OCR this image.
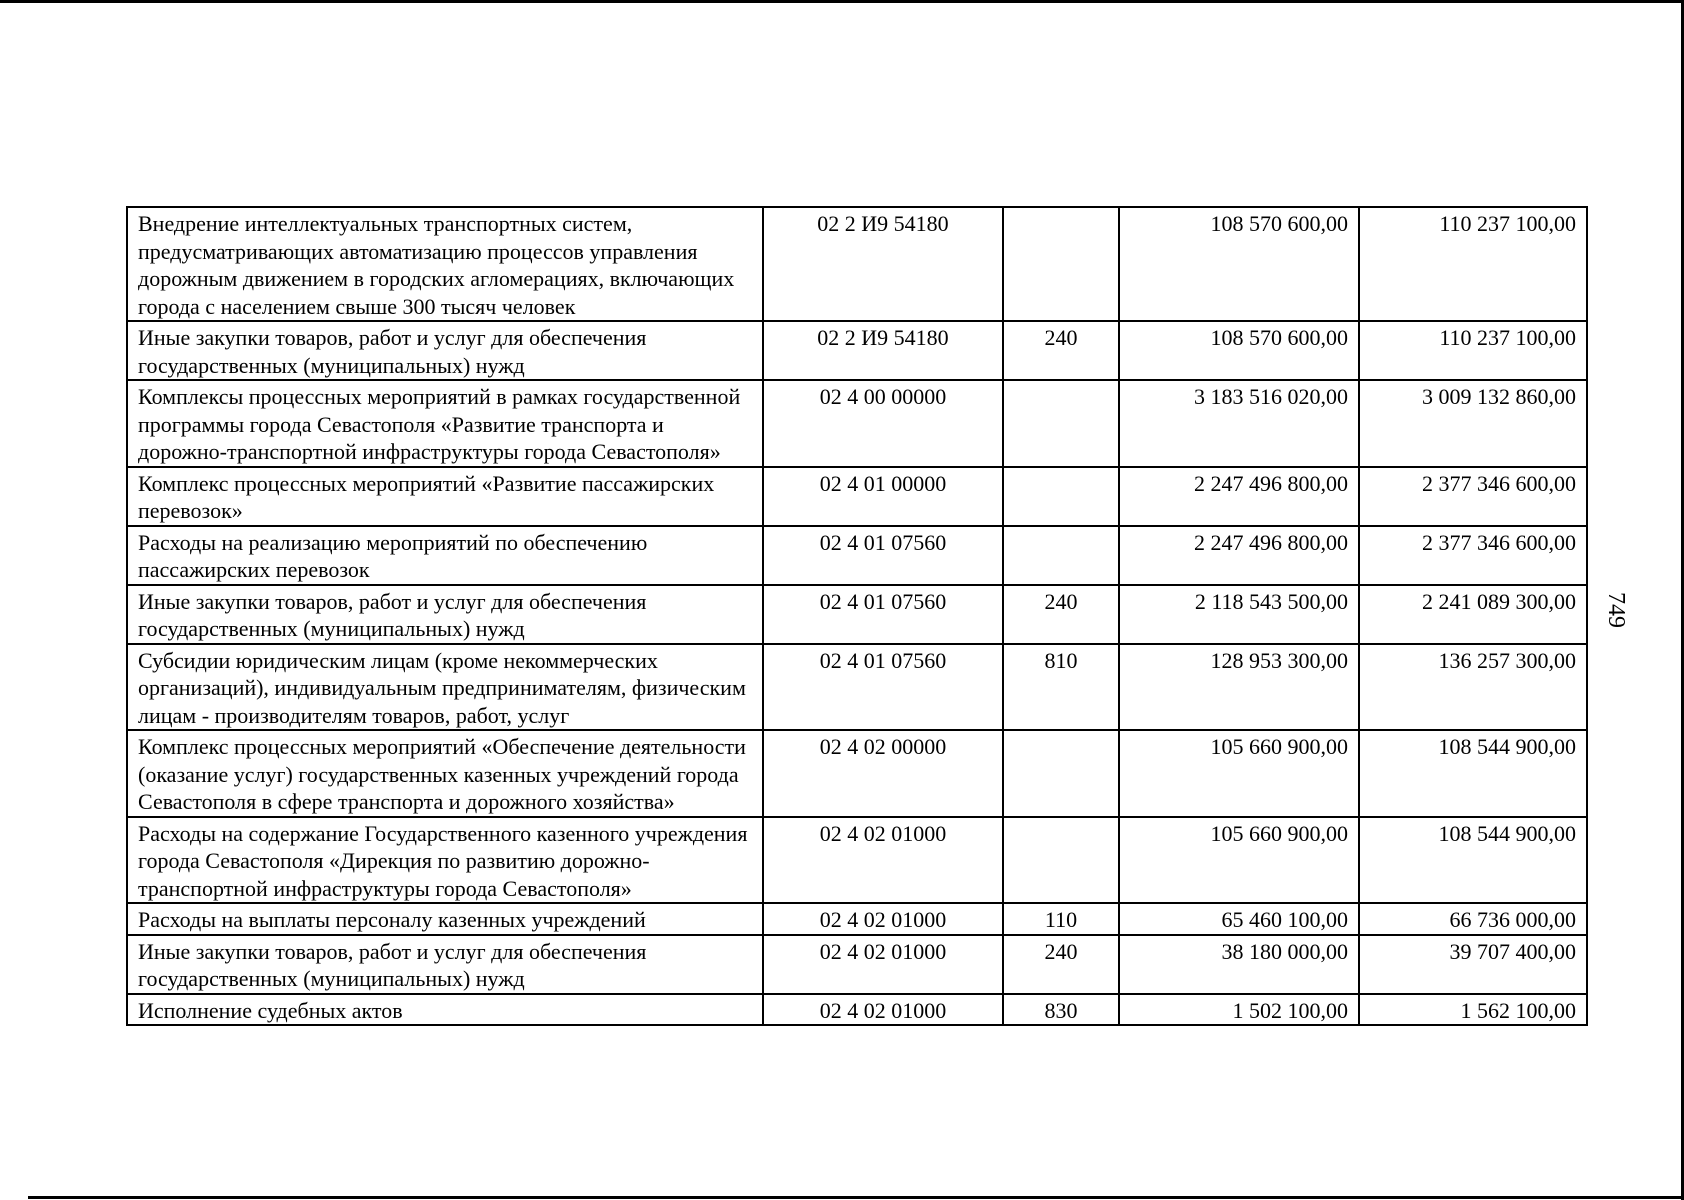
Внедрение интеллектуальных транспортных систем, предусматривающих автоматизацию процессов управления дорожным движением в городских агломерациях, включающих города с населением свыше 300 тысяч человек	02 2 И9 54180		108 570 600,00	110 237 100,00
Иные закупки товаров, работ и услуг для обеспечения государственных (муниципальных) нужд	02 2 И9 54180	240	108 570 600,00	110 237 100,00
Комплексы процессных мероприятий в рамках государственной программы города Севастополя «Развитие транспорта и дорожно-транспортной инфраструктуры города Севастополя»	02 4 00 00000		3 183 516 020,00	3 009 132 860,00
Комплекс процессных мероприятий «Развитие пассажирских перевозок»	02 4 01 00000		2 247 496 800,00	2 377 346 600,00
Расходы на реализацию мероприятий по обеспечению пассажирских перевозок	02 4 01 07560		2 247 496 800,00	2 377 346 600,00
Иные закупки товаров, работ и услуг для обеспечения государственных (муниципальных) нужд	02 4 01 07560	240	2 118 543 500,00	2 241 089 300,00
Субсидии юридическим лицам (кроме некоммерческих организаций), индивидуальным предпринимателям, физическим лицам - производителям товаров, работ, услуг	02 4 01 07560	810	128 953 300,00	136 257 300,00
Комплекс процессных мероприятий «Обеспечение деятельности (оказание услуг) государственных казенных учреждений города Севастополя в сфере транспорта и дорожного хозяйства»	02 4 02 00000		105 660 900,00	108 544 900,00
Расходы на содержание Государственного казенного учреждения города Севастополя «Дирекция по развитию дорожно-транспортной инфраструктуры города Севастополя»	02 4 02 01000		105 660 900,00	108 544 900,00
Расходы на выплаты персоналу казенных учреждений	02 4 02 01000	110	65 460 100,00	66 736 000,00
Иные закупки товаров, работ и услуг для обеспечения государственных (муниципальных) нужд	02 4 02 01000	240	38 180 000,00	39 707 400,00
Исполнение судебных актов	02 4 02 01000	830	1 502 100,00	1 562 100,00
749
